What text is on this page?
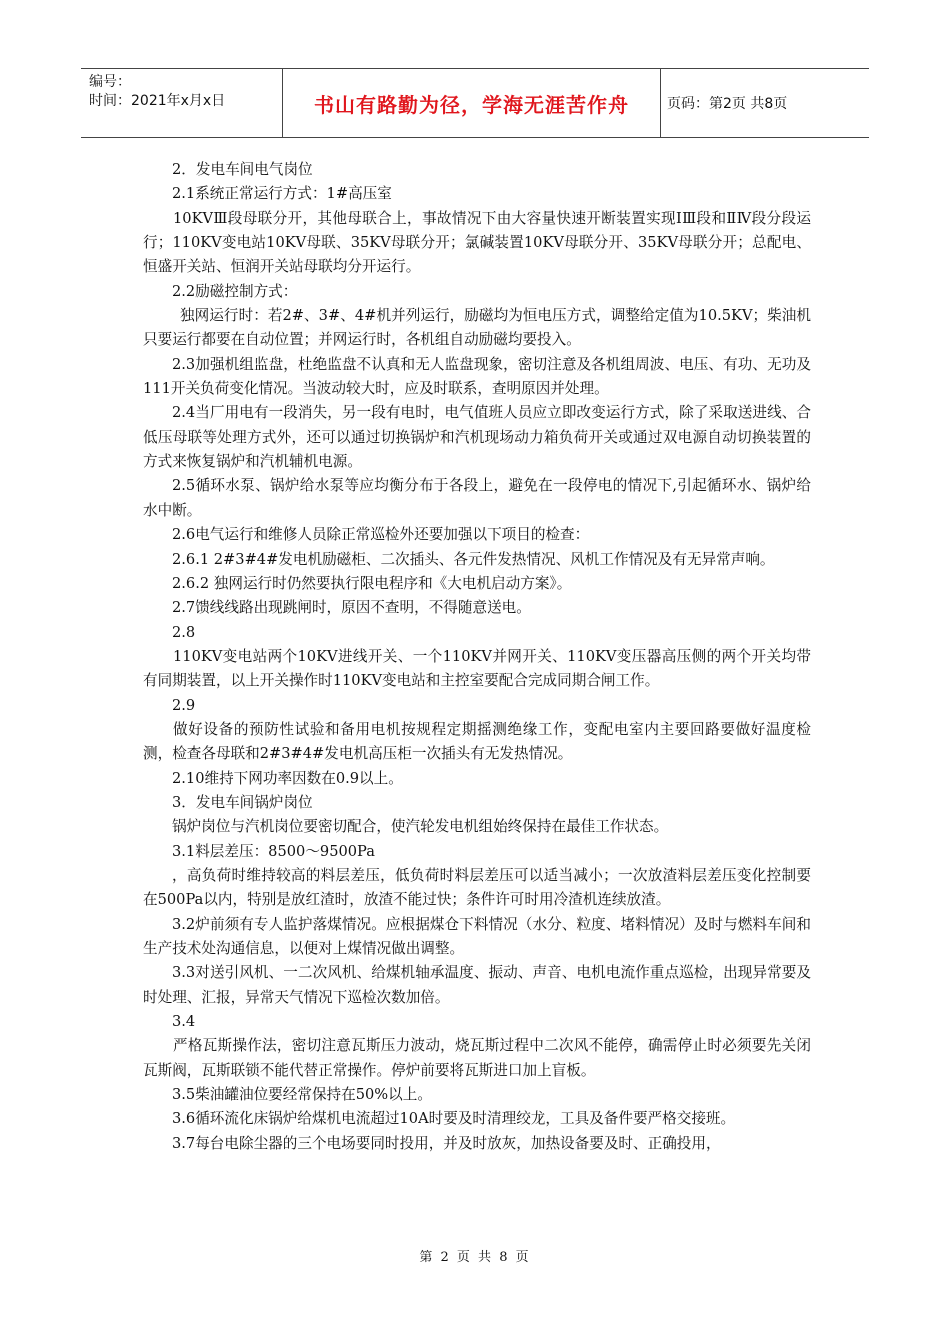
编号：
时间：2021年x月x日	书山有路勤为径，学海无涯苦作舟	页码：第2页 共8页

2．发电车间电气岗位

2.1系统正常运行方式：1#高压室

10KVⅢ段母联分开，其他母联合上，事故情况下由大容量快速开断装置实现ⅠⅢ段和ⅡⅣ段分段运行；110KV变电站10KV母联、35KV母联分开；氯碱装置10KV母联分开、35KV母联分开；总配电、恒盛开关站、恒润开关站母联均分开运行。

2.2励磁控制方式：

独网运行时：若2#、3#、4#机并列运行，励磁均为恒电压方式，调整给定值为10.5KV；柴油机只要运行都要在自动位置；并网运行时，各机组自动励磁均要投入。

2.3加强机组监盘，杜绝监盘不认真和无人监盘现象，密切注意及各机组周波、电压、有功、无功及111开关负荷变化情况。当波动较大时，应及时联系，查明原因并处理。

2.4当厂用电有一段消失，另一段有电时，电气值班人员应立即改变运行方式，除了采取送进线、合低压母联等处理方式外，还可以通过切换锅炉和汽机现场动力箱负荷开关或通过双电源自动切换装置的方式来恢复锅炉和汽机辅机电源。

2.5循环水泵、锅炉给水泵等应均衡分布于各段上，避免在一段停电的情况下,引起循环水、锅炉给水中断。

2.6电气运行和维修人员除正常巡检外还要加强以下项目的检查：

2.6.1 2#3#4#发电机励磁柜、二次插头、各元件发热情况、风机工作情况及有无异常声响。

2.6.2 独网运行时仍然要执行限电程序和《大电机启动方案》。

2.7馈线线路出现跳闸时，原因不查明，不得随意送电。

2.8

110KV变电站两个10KV进线开关、一个110KV并网开关、110KV变压器高压侧的两个开关均带有同期装置，以上开关操作时110KV变电站和主控室要配合完成同期合闸工作。

2.9

做好设备的预防性试验和备用电机按规程定期摇测绝缘工作，变配电室内主要回路要做好温度检测，检查各母联和2#3#4#发电机高压柜一次插头有无发热情况。

2.10维持下网功率因数在0.9以上。

3．发电车间锅炉岗位

锅炉岗位与汽机岗位要密切配合，使汽轮发电机组始终保持在最佳工作状态。

3.1料层差压：8500～9500Pa

，高负荷时维持较高的料层差压，低负荷时料层差压可以适当减小；一次放渣料层差压变化控制要在500Pa以内，特别是放红渣时，放渣不能过快；条件许可时用冷渣机连续放渣。

3.2炉前须有专人监护落煤情况。应根据煤仓下料情况（水分、粒度、堵料情况）及时与燃料车间和生产技术处沟通信息，以便对上煤情况做出调整。

3.3对送引风机、一二次风机、给煤机轴承温度、振动、声音、电机电流作重点巡检，出现异常要及时处理、汇报，异常天气情况下巡检次数加倍。

3.4

严格瓦斯操作法，密切注意瓦斯压力波动，烧瓦斯过程中二次风不能停，确需停止时必须要先关闭瓦斯阀，瓦斯联锁不能代替正常操作。停炉前要将瓦斯进口加上盲板。

3.5柴油罐油位要经常保持在50%以上。

3.6循环流化床锅炉给煤机电流超过10A时要及时清理绞龙，工具及备件要严格交接班。

3.7每台电除尘器的三个电场要同时投用，并及时放灰，加热设备要及时、正确投用，

第 2 页 共 8 页
